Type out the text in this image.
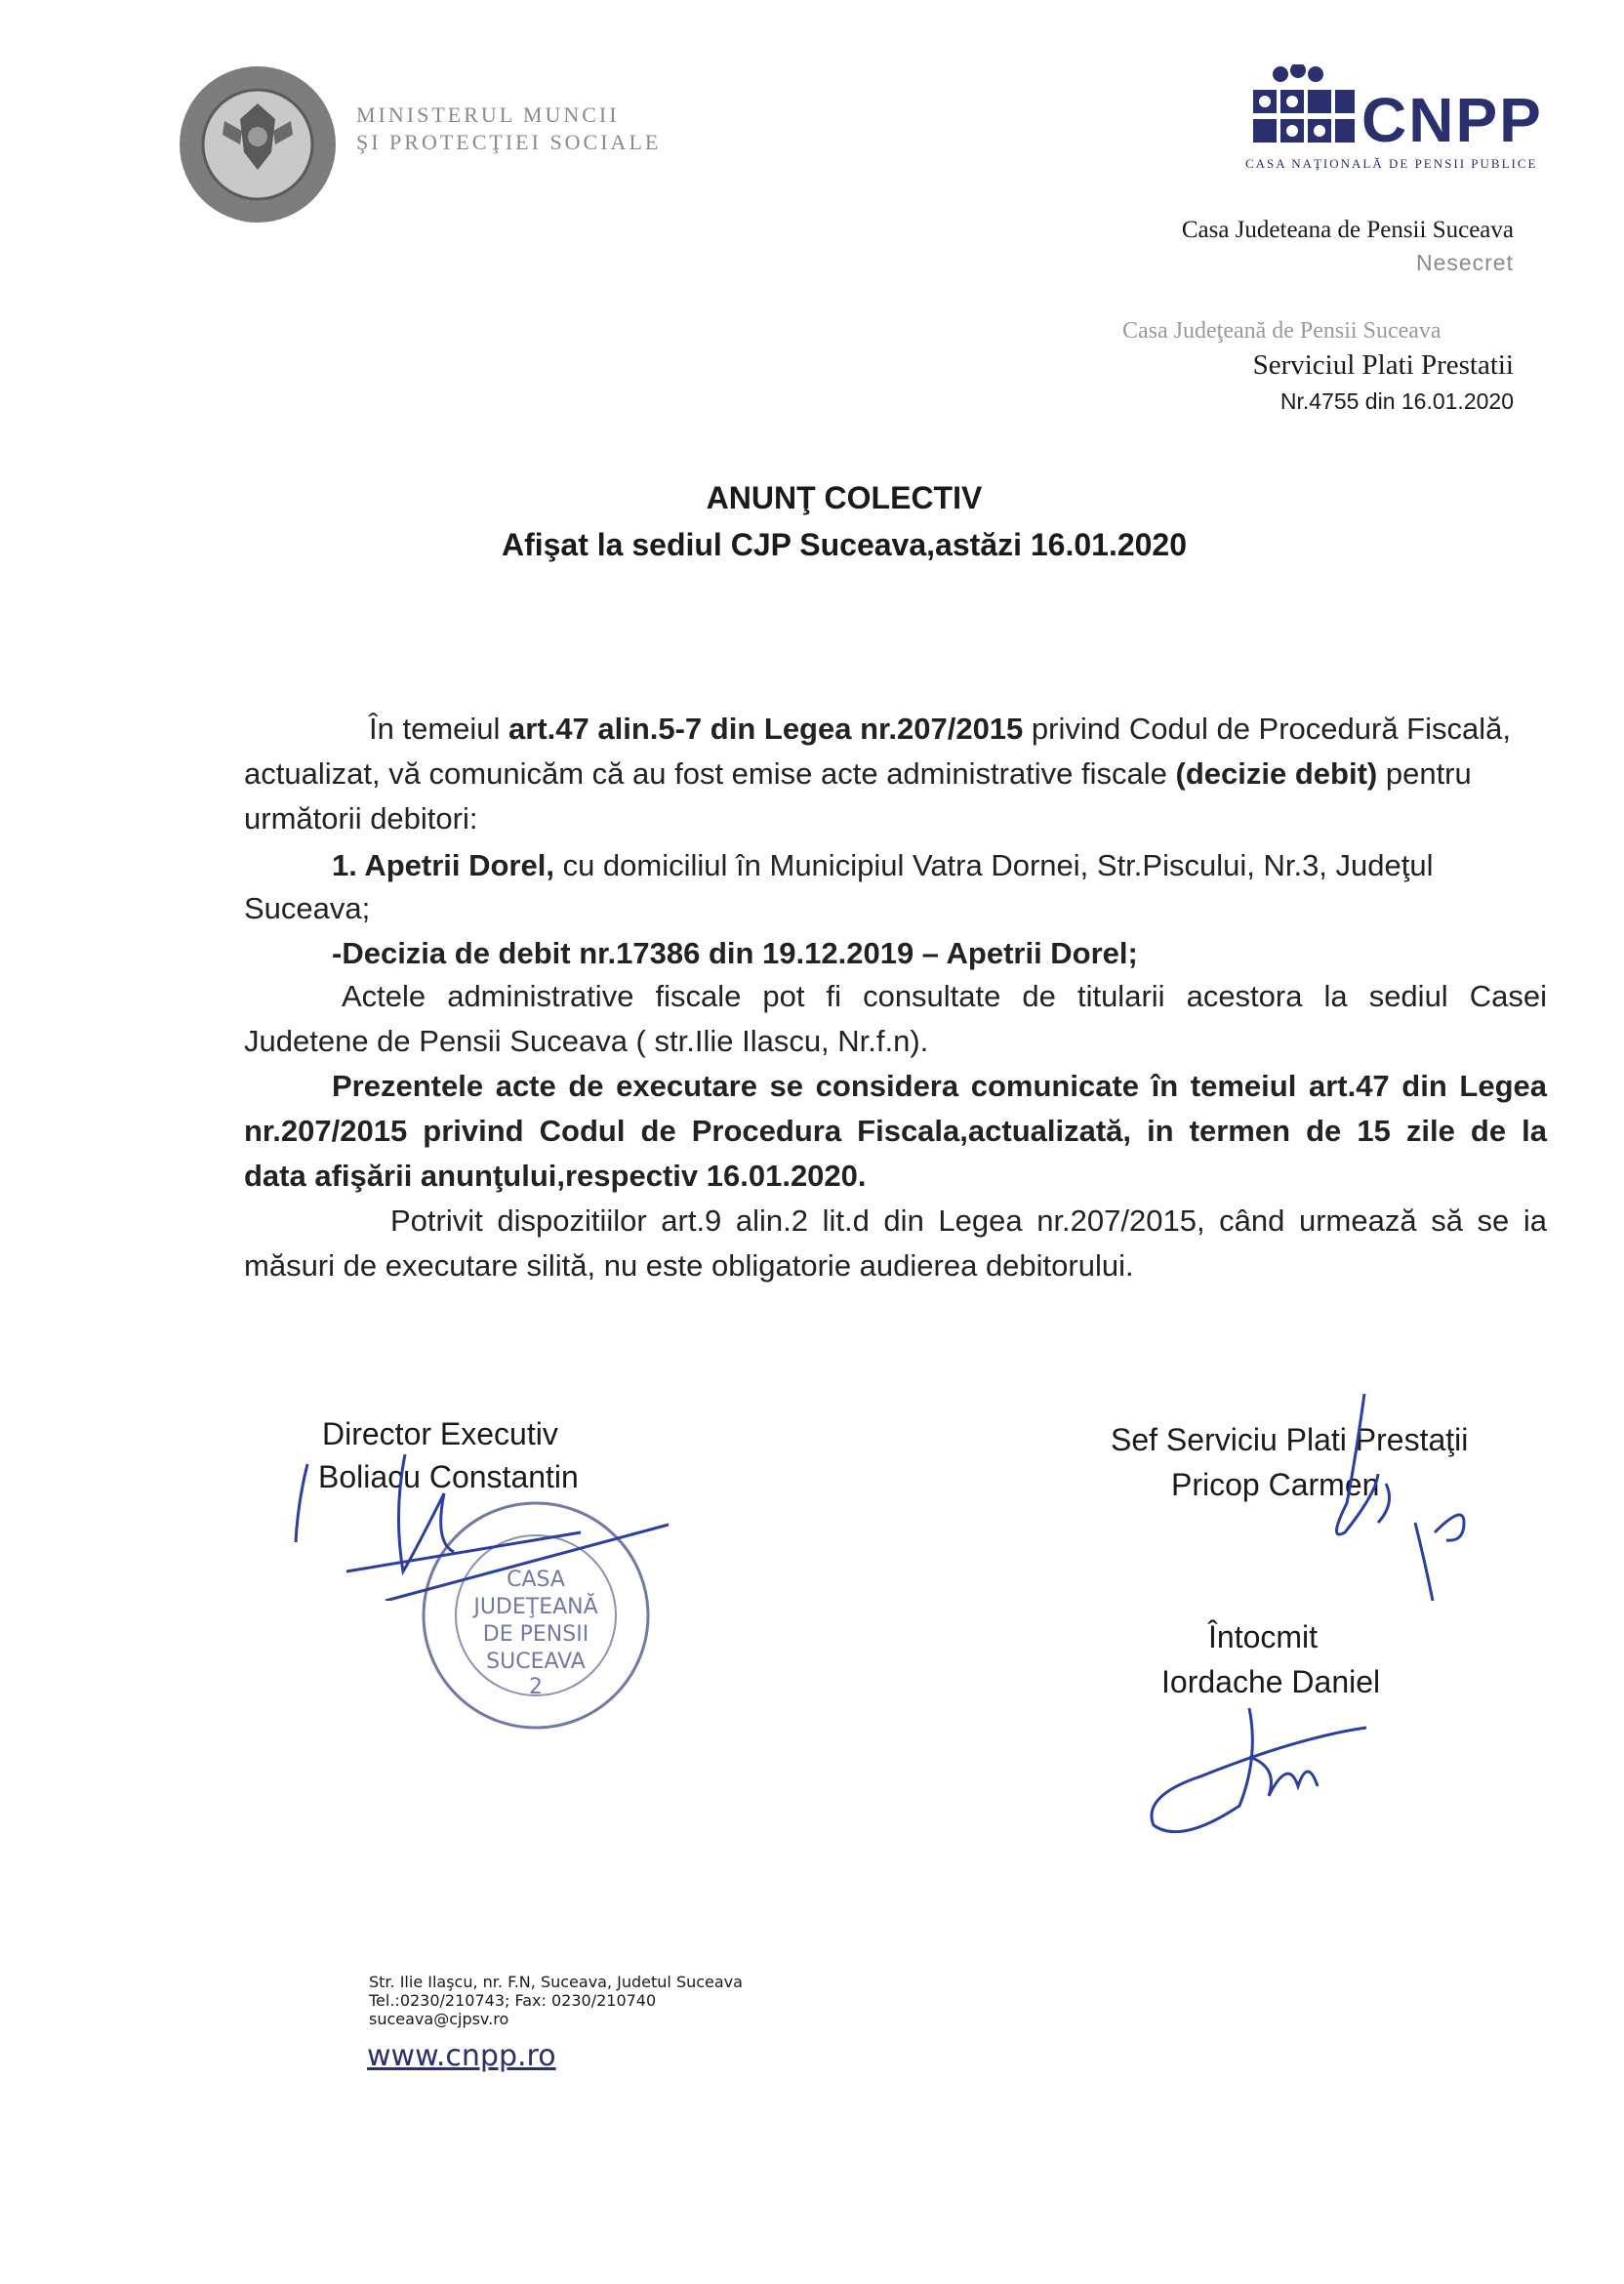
MINISTERUL MUNCII
ŞI PROTECŢIEI SOCIALE	CNPP
CASA NAŢIONALĂ DE PENSII PUBLICE
Casa Judeteana de Pensii Suceava
Nesecret
Casa Judeţeană de Pensii Suceava
Serviciul Plati Prestatii
Nr.4755 din 16.01.2020
ANUNŢ COLECTIV
Afişat la sediul CJP Suceava,astăzi 16.01.2020
În temeiul art.47 alin.5-7 din Legea nr.207/2015 privind Codul de Procedură Fiscală,
actualizat, vă comunicăm că au fost emise acte administrative fiscale (decizie debit) pentru
următorii debitori:
1. Apetrii Dorel, cu domiciliul în Municipiul Vatra Dornei, Str.Piscului, Nr.3, Judeţul
Suceava;
-Decizia de debit nr.17386 din 19.12.2019 – Apetrii Dorel;
Actele administrative fiscale pot fi consultate de titularii acestora la sediul Casei
Judetene de Pensii Suceava ( str.Ilie Ilascu, Nr.f.n).
Prezentele acte de executare se considera comunicate în temeiul art.47 din Legea
nr.207/2015 privind Codul de Procedura Fiscala,actualizată, in termen de 15 zile de la
data afişării anunţului,respectiv 16.01.2020.
Potrivit dispozitiilor art.9 alin.2 lit.d din Legea nr.207/2015, când urmează să se ia
măsuri de executare silită, nu este obligatorie audierea debitorului.
Director Executiv
Boliacu Constantin
Sef Serviciu Plati Prestaţii
Pricop Carmen
Întocmit
Iordache Daniel
CASA
JUDEŢEANĂ
DE PENSII
SUCEAVA
2
Str. Ilie Ilaşcu, nr. F.N, Suceava, Judetul Suceava
Tel.:0230/210743; Fax: 0230/210740
suceava@cjpsv.ro
www.cnpp.ro
